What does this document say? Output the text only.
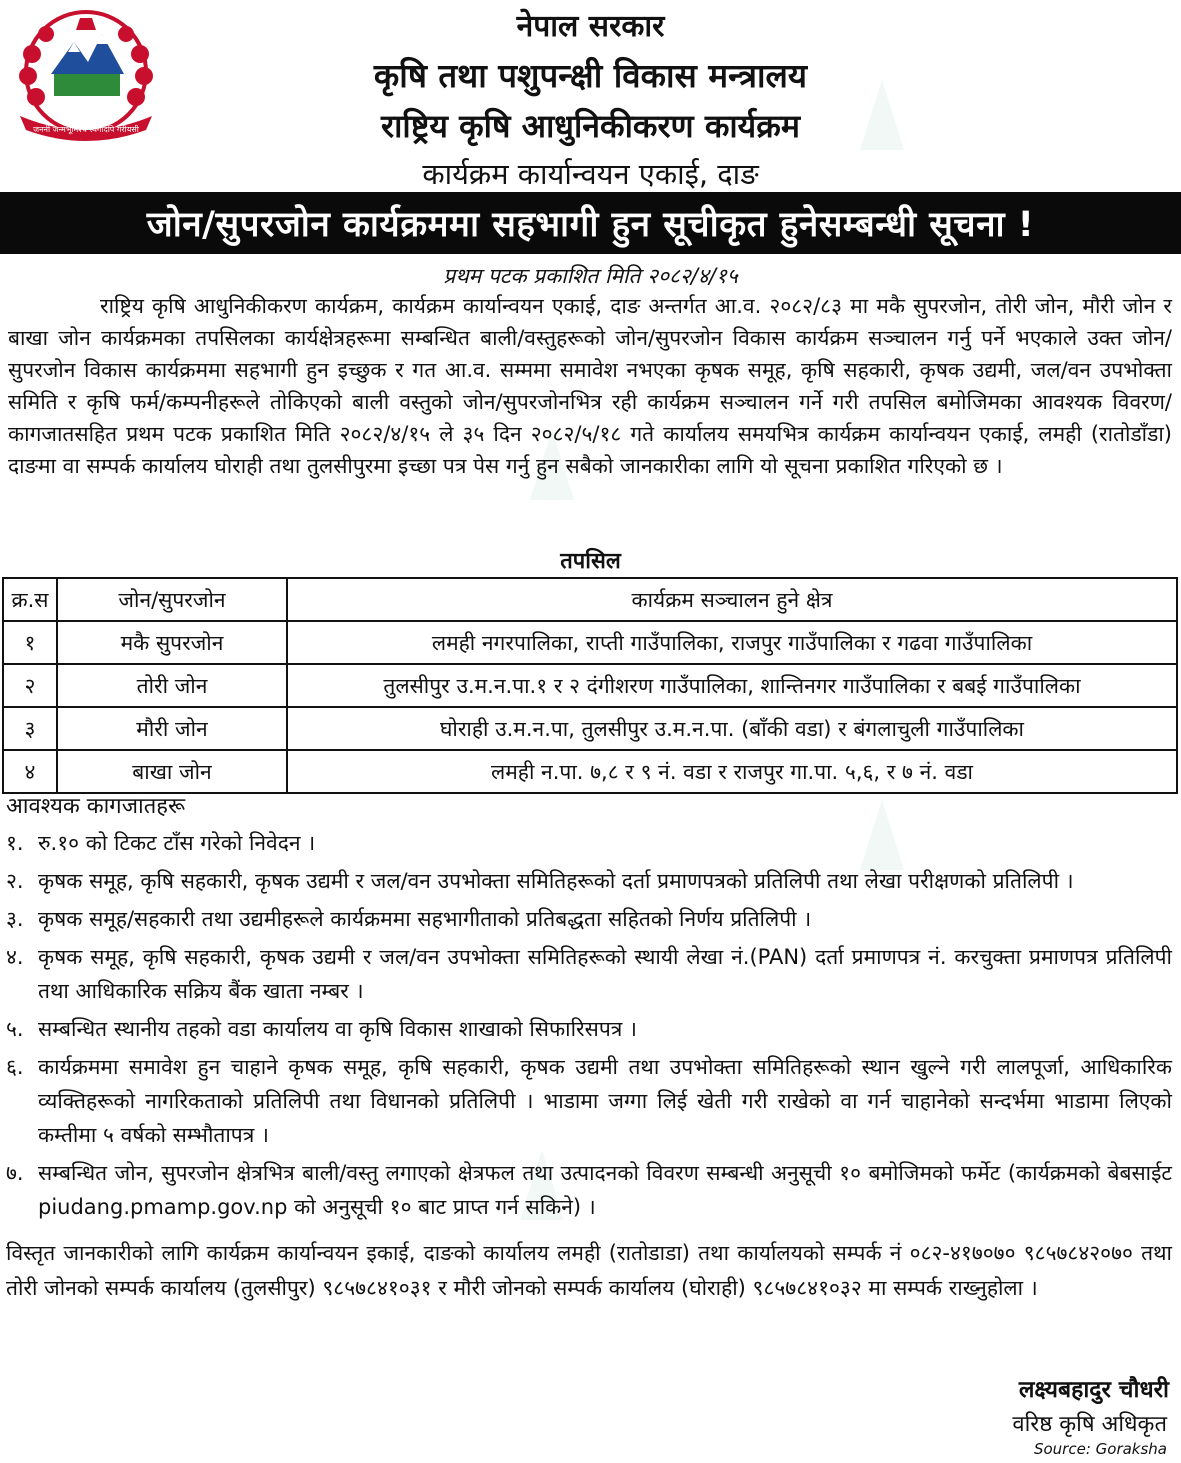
जननी जन्मभूमिश्च स्वर्गादपि गरीयसी
नेपाल सरकार
कृषि तथा पशुपन्क्षी विकास मन्त्रालय
राष्ट्रिय कृषि आधुनिकीकरण कार्यक्रम
कार्यक्रम कार्यान्वयन एकाई, दाङ
जोन/सुपरजोन कार्यक्रममा सहभागी हुन सूचीकृत हुनेसम्बन्धी सूचना !
प्रथम पटक प्रकाशित मिति २०८२/४/१५
राष्ट्रिय कृषि आधुनिकीकरण कार्यक्रम, कार्यक्रम कार्यान्वयन एकाई, दाङ अन्तर्गत आ.व. २०८२/८३ मा मकै सुपरजोन, तोरी जोन, मौरी जोन र बाखा जोन कार्यक्रमका तपसिलका कार्यक्षेत्रहरूमा सम्बन्धित बाली/वस्तुहरूको जोन/सुपरजोन विकास कार्यक्रम सञ्चालन गर्नु पर्ने भएकाले उक्त जोन/सुपरजोन विकास कार्यक्रममा सहभागी हुन इच्छुक र गत आ.व. सम्ममा समावेश नभएका कृषक समूह, कृषि सहकारी, कृषक उद्यमी, जल/वन उपभोक्ता समिति र कृषि फर्म/कम्पनीहरूले तोकिएको बाली वस्तुको जोन/सुपरजोनभित्र रही कार्यक्रम सञ्चालन गर्ने गरी तपसिल बमोजिमका आवश्यक विवरण/कागजातसहित प्रथम पटक प्रकाशित मिति २०८२/४/१५ ले ३५ दिन २०८२/५/१८ गते कार्यालय समयभित्र कार्यक्रम कार्यान्वयन एकाई, लमही (रातोडाँडा) दाङमा वा सम्पर्क कार्यालय घोराही तथा तुलसीपुरमा इच्छा पत्र पेस गर्नु हुन सबैको जानकारीका लागि यो सूचना प्रकाशित गरिएको छ ।
तपसिल
क्र.स	जोन/सुपरजोन	कार्यक्रम सञ्चालन हुने क्षेत्र
१	मकै सुपरजोन	लमही नगरपालिका, राप्ती गाउँपालिका, राजपुर गाउँपालिका र गढवा गाउँपालिका
२	तोरी जोन	तुलसीपुर उ.म.न.पा.१ र २ दंगीशरण गाउँपालिका, शान्तिनगर गाउँपालिका र बबई गाउँपालिका
३	मौरी जोन	घोराही उ.म.न.पा, तुलसीपुर उ.म.न.पा. (बाँकी वडा) र बंगलाचुली गाउँपालिका
४	बाखा जोन	लमही न.पा. ७,८ र ९ नं. वडा र राजपुर गा.पा. ५,६, र ७ नं. वडा
आवश्यक कागजातहरू
१. रु.१० को टिकट टाँस गरेको निवेदन ।
२. कृषक समूह, कृषि सहकारी, कृषक उद्यमी र जल/वन उपभोक्ता समितिहरूको दर्ता प्रमाणपत्रको प्रतिलिपी तथा लेखा परीक्षणको प्रतिलिपी ।
३. कृषक समूह/सहकारी तथा उद्यमीहरूले कार्यक्रममा सहभागीताको प्रतिबद्धता सहितको निर्णय प्रतिलिपी ।
४. कृषक समूह, कृषि सहकारी, कृषक उद्यमी र जल/वन उपभोक्ता समितिहरूको स्थायी लेखा नं.(PAN) दर्ता प्रमाणपत्र नं. करचुक्ता प्रमाणपत्र प्रतिलिपी तथा आधिकारिक सक्रिय बैंक खाता नम्बर ।
५. सम्बन्धित स्थानीय तहको वडा कार्यालय वा कृषि विकास शाखाको सिफारिसपत्र ।
६. कार्यक्रममा समावेश हुन चाहाने कृषक समूह, कृषि सहकारी, कृषक उद्यमी तथा उपभोक्ता समितिहरूको स्थान खुल्ने गरी लालपूर्जा, आधिकारिक व्यक्तिहरूको नागरिकताको प्रतिलिपी तथा विधानको प्रतिलिपी । भाडामा जग्गा लिई खेती गरी राखेको वा गर्न चाहानेको सन्दर्भमा भाडामा लिएको कम्तीमा ५ वर्षको सम्भौतापत्र ।
७. सम्बन्धित जोन, सुपरजोन क्षेत्रभित्र बाली/वस्तु लगाएको क्षेत्रफल तथा उत्पादनको विवरण सम्बन्धी अनुसूची १० बमोजिमको फर्मेट (कार्यक्रमको बेबसाईट piudang.pmamp.gov.np को अनुसूची १० बाट प्राप्त गर्न सकिने) ।
विस्तृत जानकारीको लागि कार्यक्रम कार्यान्वयन इकाई, दाङको कार्यालय लमही (रातोडाडा) तथा कार्यालयको सम्पर्क नं ०८२-४१७०७० ९८५७८४२०७० तथा तोरी जोनको सम्पर्क कार्यालय (तुलसीपुर) ९८५७८४१०३१ र मौरी जोनको सम्पर्क कार्यालय (घोराही) ९८५७८४१०३२ मा सम्पर्क राख्नुहोला ।
लक्ष्यबहादुर चौधरी
वरिष्ठ कृषि अधिकृत
Source: Goraksha
